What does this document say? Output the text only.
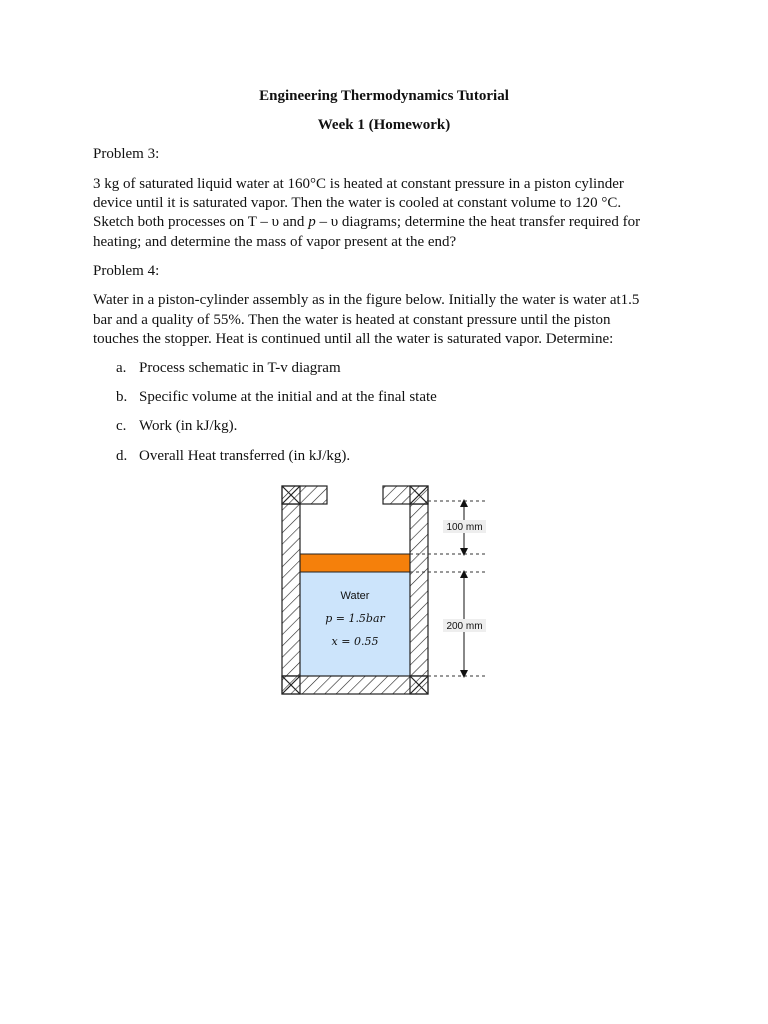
Engineering Thermodynamics Tutorial
Week 1 (Homework)
Problem 3:

3 kg of saturated liquid water at 160°C is heated at constant pressure in a piston cylinder
device until it is saturated vapor. Then the water is cooled at constant volume to 120 °C.
Sketch both processes on T – υ and p – υ diagrams; determine the heat transfer required for
heating; and determine the mass of vapor present at the end?

Problem 4:

Water in a piston-cylinder assembly as in the figure below. Initially the water is water at1.5
bar and a quality of 55%. Then the water is heated at constant pressure until the piston
touches the stopper. Heat is continued until all the water is saturated vapor. Determine:

a. Process schematic in T-v diagram
b. Specific volume at the initial and at the final state
c. Work (in kJ/kg).
d. Overall Heat transferred (in kJ/kg).
100 mm
200 mm
Water
p = 1.5bar
x = 0.55
